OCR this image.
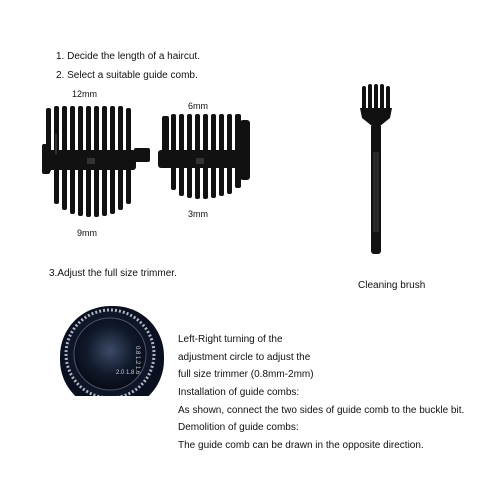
1. Decide the length of a haircut.
2. Select a suitable guide comb.
12mm
6mm
3mm
9mm
Cleaning brush
3.Adjust the full size trimmer.
0.8 1.2 1.6
2.0 1.8
Left-Right turning of the
adjustment circle to adjust the
full size trimmer (0.8mm-2mm)
Installation of guide combs:
As shown, connect the two sides of guide comb to the buckle bit.
Demolition of guide combs:
The guide comb can be drawn in the opposite direction.
